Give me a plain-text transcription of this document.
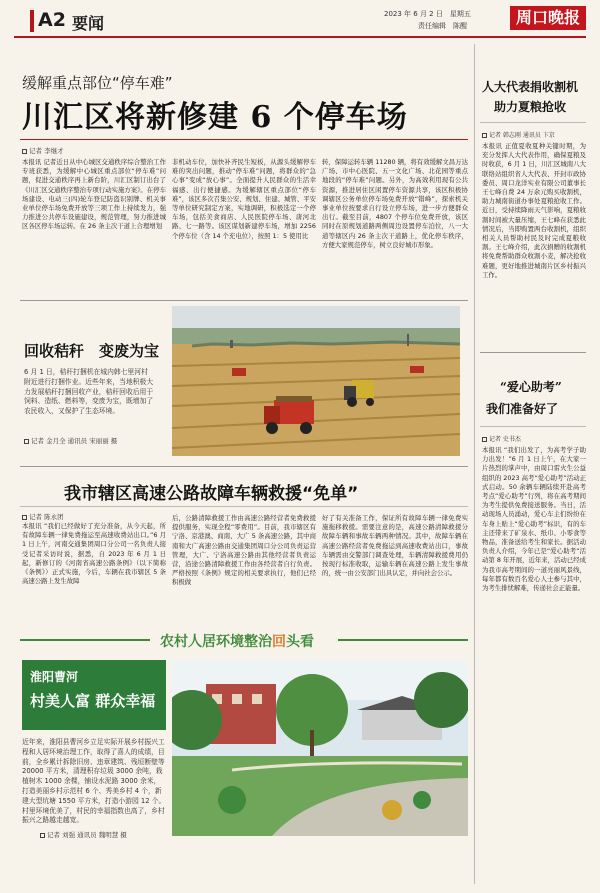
A2 要闻	2023 年 6 月 2 日　星期五
责任编辑　陈醒	周口晚报
缓解重点部位“停车难”
川汇区将新修建 6 个停车场
记者 李继才
本报讯 记者近日从中心城区交通秩序综合整治工作专班获悉，为缓解中心城区重点部位“停车难”问题，促进交通秩序再上新台阶，川汇区制订出台了《川汇区交通秩序整治专项行动实施方案》。在停车场建设、电动三(四)轮车登记防盗识别牌、机关事业单位停车场免费开放等三项工作上持续发力，强力推进公共停车设施建设，规范管理，努力推进城区各区停车场运转。在 26 条主次干道上合理增划
非机动车位，加快补齐民生短板，从源头缓解停车难的突出问题，推动“停车难”问题，将群众的“急心事”变成“放心事”。全面提升人民群众的生活幸福感、出行便捷感。为缓解辖区重点部位“停车难”，该区多次召集公安、规划、住建、城管、平安等单位研究制定方案，实地调研，积极选定一个停车场，包括美食商店、人民医院停车场、唐河北路、七一路等。该区谋划新建停车场，增加 2256 个停车位（含 14 个充电位），按照 1：5 使用比
转，保障运转车辆 11280 辆，将有效缓解文昌万达广场、市中心医院、五一文化广场、北花园等重点地段的“停车难”问题。另外，为高效利用现有公共资源，推进居住区闲置停车资源共享，该区积极协调辖区公务单位停车场免费开放“错峰”，探索机关事业单位按要求自行设立停车场，进一步方便群众出行。截至目前，4807 个停车位免费开放，该区同时在原规划道路两侧周边设置停车泊位，八一大道等辖区内 26 条主次干道路上，优化停车秩序，方便大家规范停车，树立良好城市形象。
回收秸秆　变废为宝
6 月 1 日，秸秆打捆机在城内韩七里河村附近进行打捆作业。近些年来，当地积极大力发展秸秆打捆回收产业，秸秆回收后用于饲料、造纸、燃料等，变废为宝，既增加了农民收入，又保护了生态环境。
记者 金月全 通讯员 宋丽丽 摄
我市辖区高速公路故障车辆救援“免单”
记者 陈永团
本报讯 “我们已经做好了充分准备，从今天起，所有故障车辆一律免费拖运至高速收费站出口。”6 月 1 日上午，河南交通集团周口分公司一名负责人接受记者采访时说，据悉，自 2023 年 6 月 1 日起，新修订的《河南省高速公路条例》（以下简称《条例》）正式实施，今后，车辆在我市辖区 5 条高速公路上发生故障
后，公路清障救援工作由高速公路经营者免费救援提供服务，实现全程“零费用”。目前，我市辖区有宁洛、京港澳、商南、大广 5 条高速公路，其中商南和大广高速公路由交通集团周口分公司负责运营管理，大广、宁洛高速公路由其他经营者负责运营，沿途公路清障救援工作由各经营者自行负责。严格按照《条例》规定的相关要求执行，他们已经积极做
好了有关准备工作，保证所有故障车辆一律免费实施拖移救援。需要注意的是，高速公路清障救援分故障车辆和事故车辆两种情况。其中，故障车辆在高速公路经营者免费拖运到高速收费站出口，事故车辆需由交警部门调查处理，车辆清障救援费用仍按现行标准收取，运输车辆在高速公路上发生事故的，统一由公安部门出具认定，并向社会公示。
农村人居环境整治回头看
淮阳曹河
村美人富 群众幸福
近年来，淮阳县曹河乡立足实际开展乡村振兴工程和人居环境治理工作，取得了喜人的成绩，目前，全乡累计拆除旧房、违章建筑、残垣断壁等 20000 平方米，清理积存垃圾 3000 余吨，栽植树木 1000 余棵，铺设水泥路 3000 余米，打造美丽乡村示范村 6 个、秀美乡村 4 个，新建大型坑塘 1550 平方米，打造小游园 12 个。村里环境优美了，村民的幸福指数也高了，乡村振兴之路越走越宽。
记者 刘强 通讯员 魏明慧 摄
人大代表捐收割机
助力夏粮抢收
记者 韩志刚 通讯员 卞京
本报讯 正值夏收夏种关键时期，为充分发挥人大代表作用，确保夏粮及时收获，6 月 1 日，川汇区城南八大联络站组织省人大代表、开封市政协委员、周口龙洋实业有限公司董事长王七峰自费 24 万余元购买收割机，助力城南街道办事处夏粮抢收工作。近日，受持续降雨天气影响，夏粮收割时间被大量压缩，王七峰在获悉此情况后，当即购置两台收割机，组织相关人员帮助村民及时完成夏粮收割。王七峰介绍，此次捐赠的收割机将免费帮助群众收割小麦，解决抢收难题，更好地推进城南片区乡村振兴工作。
“爱心助考”
我们准备好了
记者 史书杰
本报讯 “我们出发了，为高考学子助力出发！”6 月 1 日上午，在大家一片热烈的掌声中，由周口雷火生公益组织的 2023 高考“爱心助考”活动正式启动。50 余辆车辆陆续开赴高考考点“爱心助考”行列，将在高考期间为考生提供免费接送服务。当日，活动现场人员涌动，爱心车主们纷纷在车身上贴上“爱心助考”标识，有的车主还带来了矿泉水、纸巾、小零食等物品，准备送给考生和家长。据活动负责人介绍，今年已是“爱心助考”活动第 8 年开展，近年来，活动已经成为我市高考期间的一道亮丽风景线，每年都有数百名爱心人士参与其中，为考生排忧解难，传递社会正能量。
